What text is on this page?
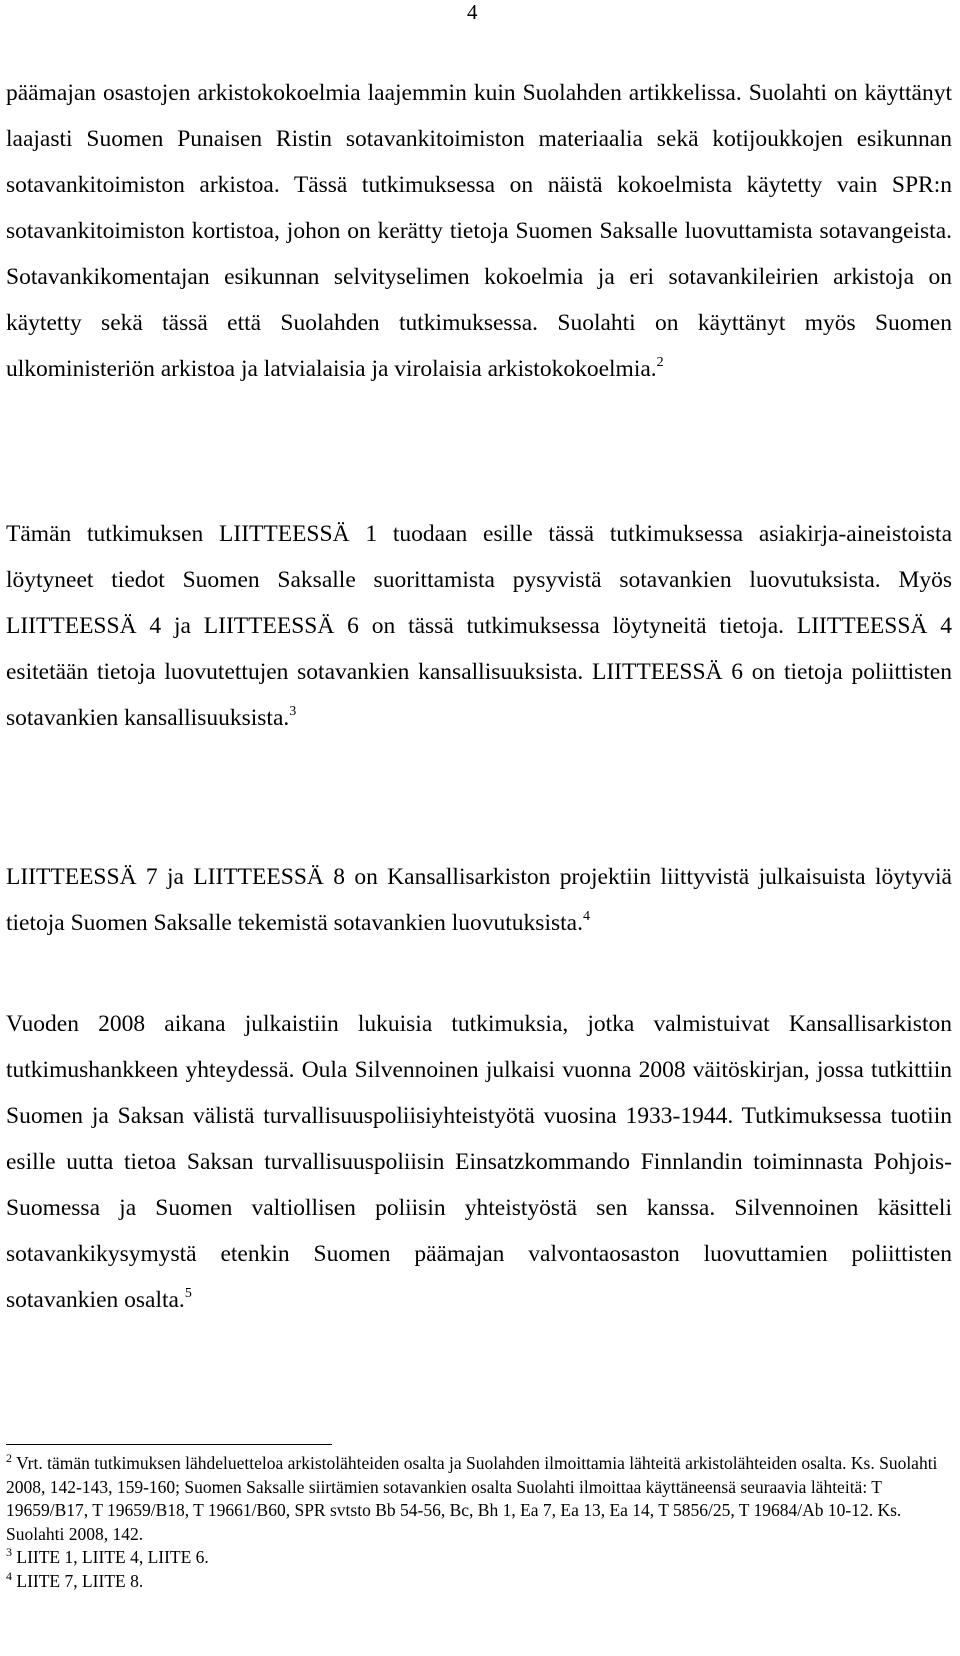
4

päämajan osastojen arkistokokoelmia laajemmin kuin Suolahden artikkelissa. Suolahti on käyttänyt laajasti Suomen Punaisen Ristin sotavankitoimiston materiaalia sekä kotijoukkojen esikunnan sotavankitoimiston arkistoa. Tässä tutkimuksessa on näistä kokoelmista käytetty vain SPR:n sotavankitoimiston kortistoa, johon on kerätty tietoja Suomen Saksalle luovuttamista sotavangeista. Sotavankikomentajan esikunnan selvityselimen kokoelmia ja eri sotavankileirien arkistoja on käytetty sekä tässä että Suolahden tutkimuksessa. Suolahti on käyttänyt myös Suomen ulkoministeriön arkistoa ja latvialaisia ja virolaisia arkistokokoelmia.$^2$

Tämän tutkimuksen LIITTEESSÄ 1 tuodaan esille tässä tutkimuksessa asiakirja-aineistoista löytyneet tiedot Suomen Saksalle suorittamista pysyvistä sotavankien luovutuksista. Myös LIITTEESSÄ 4 ja LIITTEESSÄ 6 on tässä tutkimuksessa löytyneitä tietoja. LIITTEESSÄ 4 esitetään tietoja luovutettujen sotavankien kansallisuuksista. LIITTEESSÄ 6 on tietoja poliittisten sotavankien kansallisuuksista.$^3$

LIITTEESSÄ 7 ja LIITTEESSÄ 8 on Kansallisarkiston projektiin liittyvistä julkaisuista löytyviä tietoja Suomen Saksalle tekemistä sotavankien luovutuksista.$^4$

Vuoden 2008 aikana julkaistiin lukuisia tutkimuksia, jotka valmistuivat Kansallisarkiston tutkimushankkeen yhteydessä. Oula Silvennoinen julkaisi vuonna 2008 väitöskirjan, jossa tutkittiin Suomen ja Saksan välistä turvallisuuspoliisiyhteistyötä vuosina 1933-1944. Tutkimuksessa tuotiin esille uutta tietoa Saksan turvallisuuspoliisin Einsatzkommando Finnlandin toiminnasta Pohjois-Suomessa ja Suomen valtiollisen poliisin yhteistyöstä sen kanssa. Silvennoinen käsitteli sotavankikysymystä etenkin Suomen päämajan valvontaosaston luovuttamien poliittisten sotavankien osalta.$^5$

$^2$ Vrt. tämän tutkimuksen lähdeluetteloa arkistolähteiden osalta ja Suolahden ilmoittamia lähteitä arkistolähteiden osalta. Ks. Suolahti 2008, 142-143, 159-160; Suomen Saksalle siirtämien sotavankien osalta Suolahti ilmoittaa käyttäneensä seuraavia lähteitä: T 19659/B17, T 19659/B18, T 19661/B60, SPR svtsto Bb 54-56, Bc, Bh 1, Ea 7, Ea 13, Ea 14, T 5856/25, T 19684/Ab 10-12. Ks. Suolahti 2008, 142.

$^3$ LIITE 1, LIITE 4, LIITE 6.

$^4$ LIITE 7, LIITE 8.
